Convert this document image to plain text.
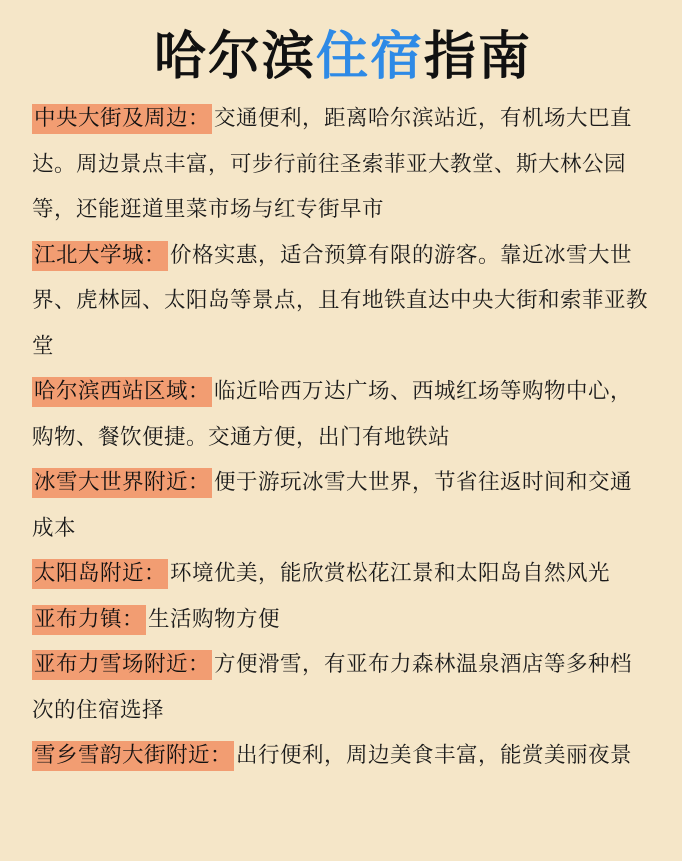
哈尔滨住宿指南

中央大街及周边： 交通便利，距离哈尔滨站近，有机场大巴直达。周边景点丰富，可步行前往圣索菲亚大教堂、斯大林公园等，还能逛道里菜市场与红专街早市

江北大学城： 价格实惠，适合预算有限的游客。靠近冰雪大世界、虎林园、太阳岛等景点，且有地铁直达中央大街和索菲亚教堂

哈尔滨西站区域： 临近哈西万达广场、西城红场等购物中心，购物、餐饮便捷。交通方便，出门有地铁站

冰雪大世界附近： 便于游玩冰雪大世界，节省往返时间和交通成本

太阳岛附近： 环境优美，能欣赏松花江景和太阳岛自然风光

亚布力镇： 生活购物方便

亚布力雪场附近： 方便滑雪，有亚布力森林温泉酒店等多种档次的住宿选择

雪乡雪韵大街附近： 出行便利，周边美食丰富，能赏美丽夜景
